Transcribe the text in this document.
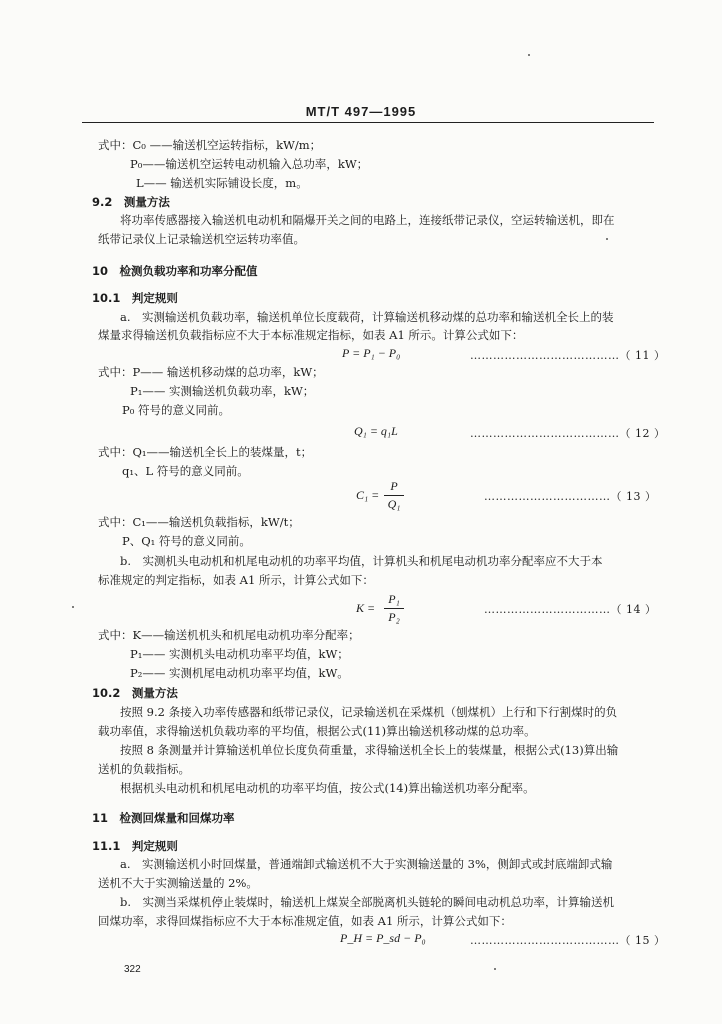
MT/T 497—1995
式中：C₀ ——输送机空运转指标，kW/m；
P₀——输送机空运转电动机输入总功率，kW；
L—— 输送机实际铺设长度，m。
9.2　测量方法
将功率传感器接入输送机电动机和隔爆开关之间的电路上，连接纸带记录仪，空运转输送机，即在
纸带记录仪上记录输送机空运转功率值。
10　检测负载功率和功率分配值
10.1　判定规则
a.　实测输送机负载功率，输送机单位长度载荷，计算输送机移动煤的总功率和输送机全长上的装
煤量求得输送机负载指标应不大于本标准规定指标，如表 A1 所示。计算公式如下：
P = P₁ − P₀	…………………………………（ 11 ）
式中：P—— 输送机移动煤的总功率，kW；
P₁—— 实测输送机负载功率，kW；
P₀ 符号的意义同前。
Q₁ = q₁L	…………………………………（ 12 ）
式中：Q₁——输送机全长上的装煤量，t；
q₁、L 符号的意义同前。
C₁ =
P
Q₁
……………………………（ 13 ）
式中：C₁——输送机负载指标，kW/t；
P、Q₁ 符号的意义同前。
b.　实测机头电动机和机尾电动机的功率平均值，计算机头和机尾电动机功率分配率应不大于本
标准规定的判定指标，如表 A1 所示，计算公式如下：
K =
P₁
P₂
……………………………（ 14 ）
式中：K——输送机机头和机尾电动机功率分配率；
P₁—— 实测机头电动机功率平均值，kW；
P₂—— 实测机尾电动机功率平均值，kW。
10.2　测量方法
按照 9.2 条接入功率传感器和纸带记录仪，记录输送机在采煤机（刨煤机）上行和下行割煤时的负
载功率值，求得输送机负载功率的平均值，根据公式(11)算出输送机移动煤的总功率。
按照 8 条测量并计算输送机单位长度负荷重量，求得输送机全长上的装煤量，根据公式(13)算出输
送机的负载指标。
根据机头电动机和机尾电动机的功率平均值，按公式(14)算出输送机功率分配率。
11　检测回煤量和回煤功率
11.1　判定规则
a.　实测输送机小时回煤量，普通端卸式输送机不大于实测输送量的 3%，侧卸式或封底端卸式输
送机不大于实测输送量的 2%。
b.　实测当采煤机停止装煤时，输送机上煤炭全部脱离机头链轮的瞬间电动机总功率，计算输送机
回煤功率，求得回煤指标应不大于本标准规定值，如表 A1 所示，计算公式如下：
P_H = P_sd − P₀	…………………………………（ 15 ）
322
